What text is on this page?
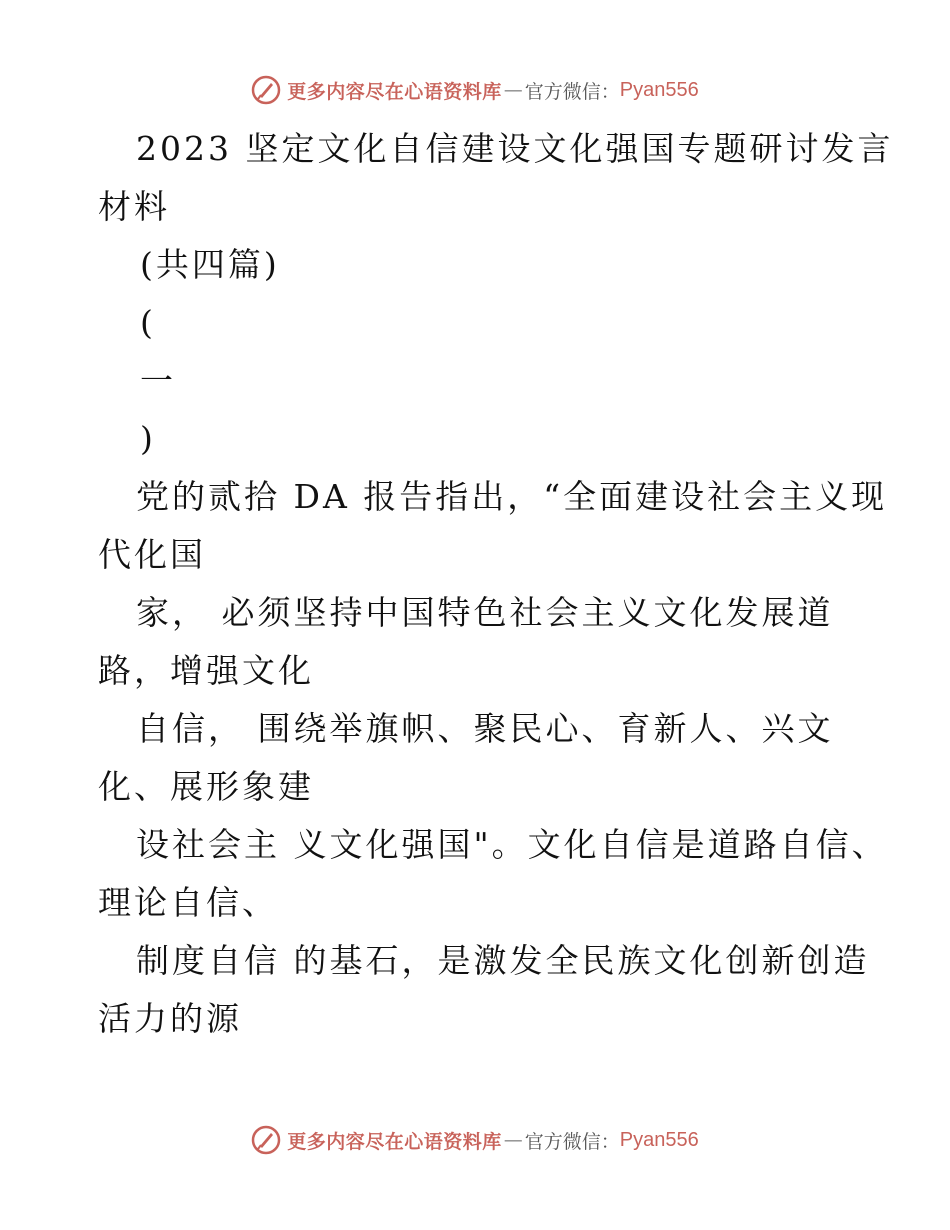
更多内容尽在心语资料库 — 官方微信： Pyan556
2023 坚定文化自信建设文化强国专题研讨发言
材料
(共四篇)
(
一
)
党的贰拾 DA 报告指出，“全面建设社会主义现
代化国
家， 必须坚持中国特色社会主义文化发展道
路，增强文化
自信， 围绕举旗帜、聚民心、育新人、兴文
化、展形象建
设社会主 义文化强国"。文化自信是道路自信、
理论自信、
制度自信 的基石，是激发全民族文化创新创造
活力的源
更多内容尽在心语资料库 — 官方微信： Pyan556
